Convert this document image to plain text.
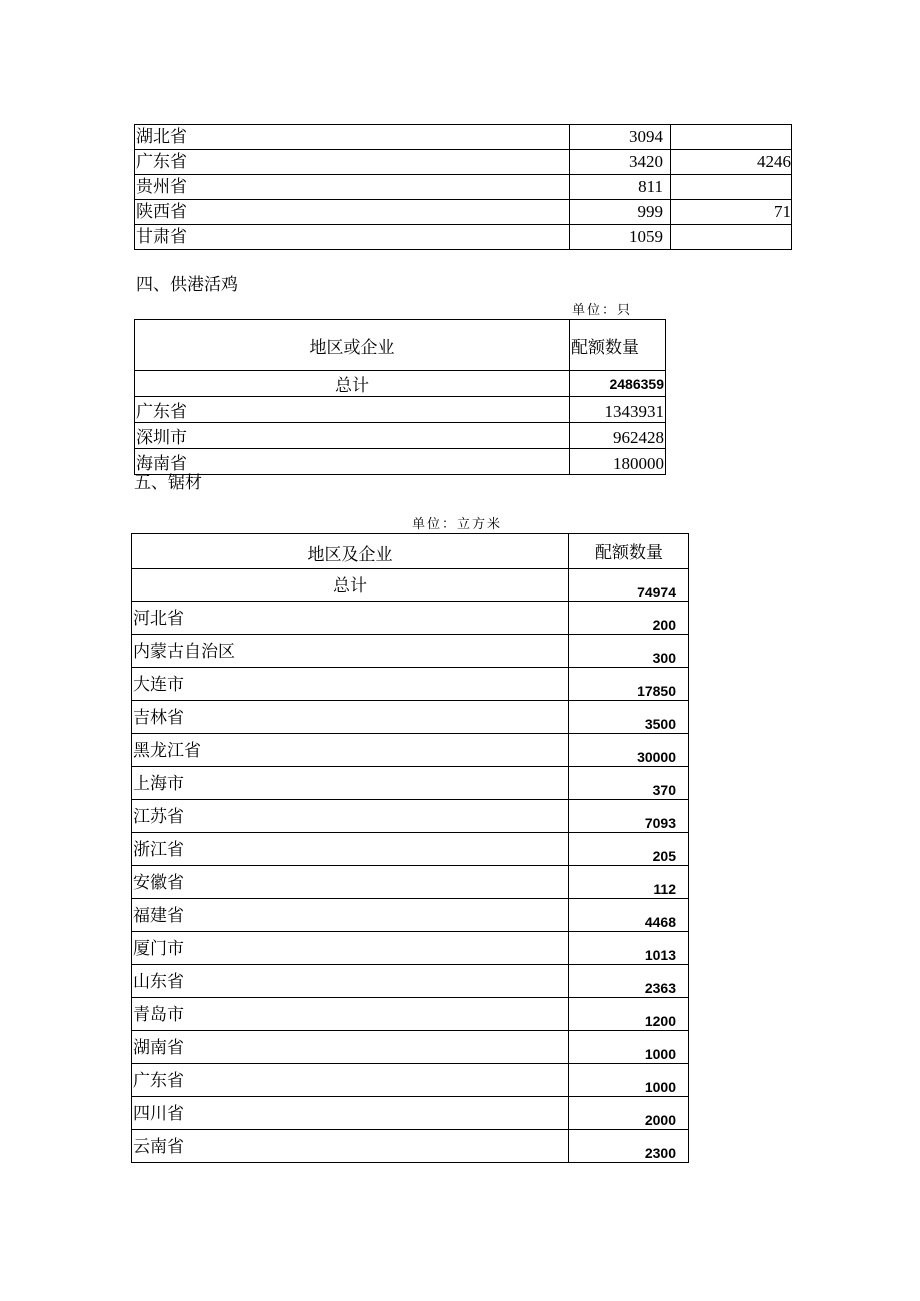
湖北省	3094	
广东省	3420	4246
贵州省	811	
陕西省	999	71
甘肃省	1059	
四、供港活鸡
单位：只
地区或企业	配额数量
总计	2486359
广东省	1343931
深圳市	962428
海南省	180000
五、锯材
单位：立方米
地区及企业	配额数量
总计	74974
河北省	200
内蒙古自治区	300
大连市	17850
吉林省	3500
黑龙江省	30000
上海市	370
江苏省	7093
浙江省	205
安徽省	112
福建省	4468
厦门市	1013
山东省	2363
青岛市	1200
湖南省	1000
广东省	1000
四川省	2000
云南省	2300
